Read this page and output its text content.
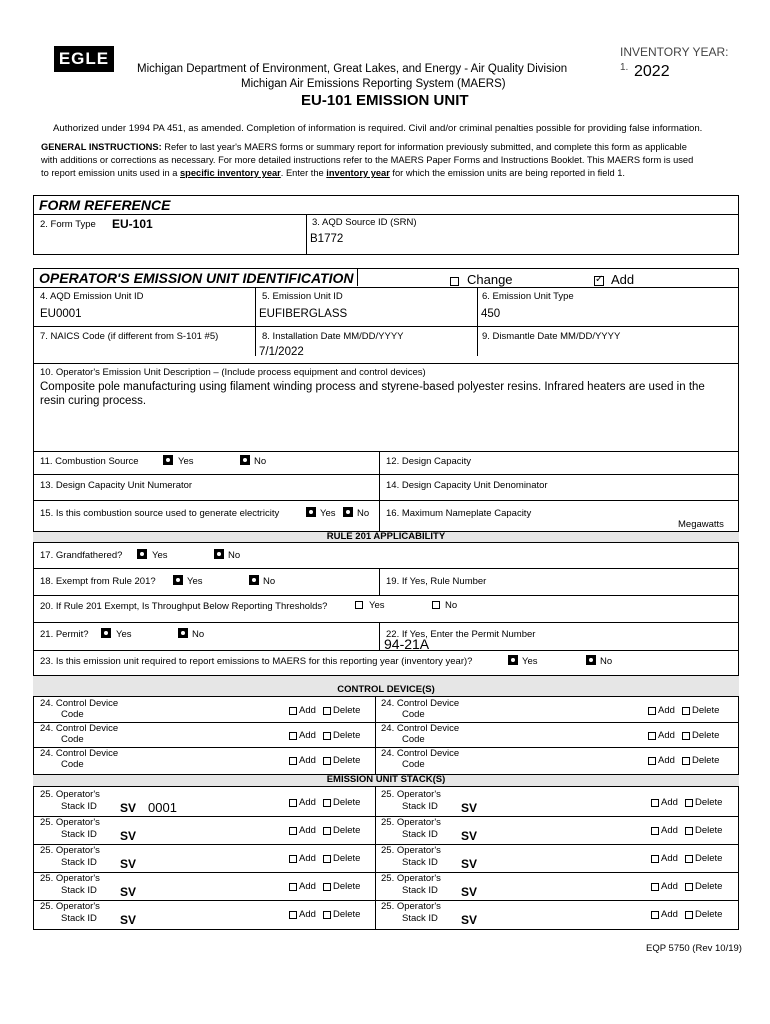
EGLE
Michigan Department of Environment, Great Lakes, and Energy - Air Quality Division
Michigan Air Emissions Reporting System (MAERS)
EU-101 EMISSION UNIT
INVENTORY YEAR:
1. 2022
Authorized under 1994 PA 451, as amended. Completion of information is required. Civil and/or criminal penalties possible for providing false information.
GENERAL INSTRUCTIONS: Refer to last year's MAERS forms or summary report for information previously submitted, and complete this form as applicable
with additions or corrections as necessary. For more detailed instructions refer to the MAERS Paper Forms and Instructions Booklet. This MAERS form is used
to report emission units used in a specific inventory year. Enter the inventory year for which the emission units are being reported in field 1.
FORM REFERENCE
2. Form Type EU-101	3. AQD Source ID (SRN)
B1772
OPERATOR'S EMISSION UNIT IDENTIFICATION	Change	✓ Add
4. AQD Emission Unit ID
EU0001
5. Emission Unit ID
EUFIBERGLASS
6. Emission Unit Type
450
7. NAICS Code (if different from S-101 #5)	8. Installation Date MM/DD/YYYY
7/1/2022
9. Dismantle Date MM/DD/YYYY
10. Operator's Emission Unit Description – (Include process equipment and control devices)
Composite pole manufacturing using filament winding process and styrene-based polyester resins. Infrared heaters are used in the resin curing process.
11. Combustion Source	Yes	No	12. Design Capacity
13. Design Capacity Unit Numerator	14. Design Capacity Unit Denominator
15. Is this combustion source used to generate electricity	Yes No 16. Maximum Nameplate Capacity
Megawatts
RULE 201 APPLICABILITY
17. Grandfathered?	Yes	No
18. Exempt from Rule 201?	Yes	No	19. If Yes, Rule Number
20. If Rule 201 Exempt, Is Throughput Below Reporting Thresholds?	Yes	No
21. Permit?	Yes	No	22. If Yes, Enter the Permit Number
94-21A
23. Is this emission unit required to report emissions to MAERS for this reporting year (inventory year)?	Yes	No
CONTROL DEVICE(S)
24. Control Device
Code	Add Delete
24. Control Device
Code	Add Delete
24. Control Device
Code	Add Delete
24. Control Device
Code	Add Delete
24. Control Device
Code	Add Delete
24. Control Device
Code	Add Delete
EMISSION UNIT STACK(S)
25. Operator's
Stack ID SV 0001	Add Delete
25. Operator's
Stack ID SV	Add Delete
25. Operator's
Stack ID SV	Add Delete
25. Operator's
Stack ID SV	Add Delete
25. Operator's
Stack ID SV	Add Delete
25. Operator's
Stack ID SV	Add Delete
25. Operator's
Stack ID SV	Add Delete
25. Operator's
Stack ID SV	Add Delete
25. Operator's
Stack ID SV	Add Delete
25. Operator's
Stack ID SV	Add Delete
EQP 5750 (Rev 10/19)
